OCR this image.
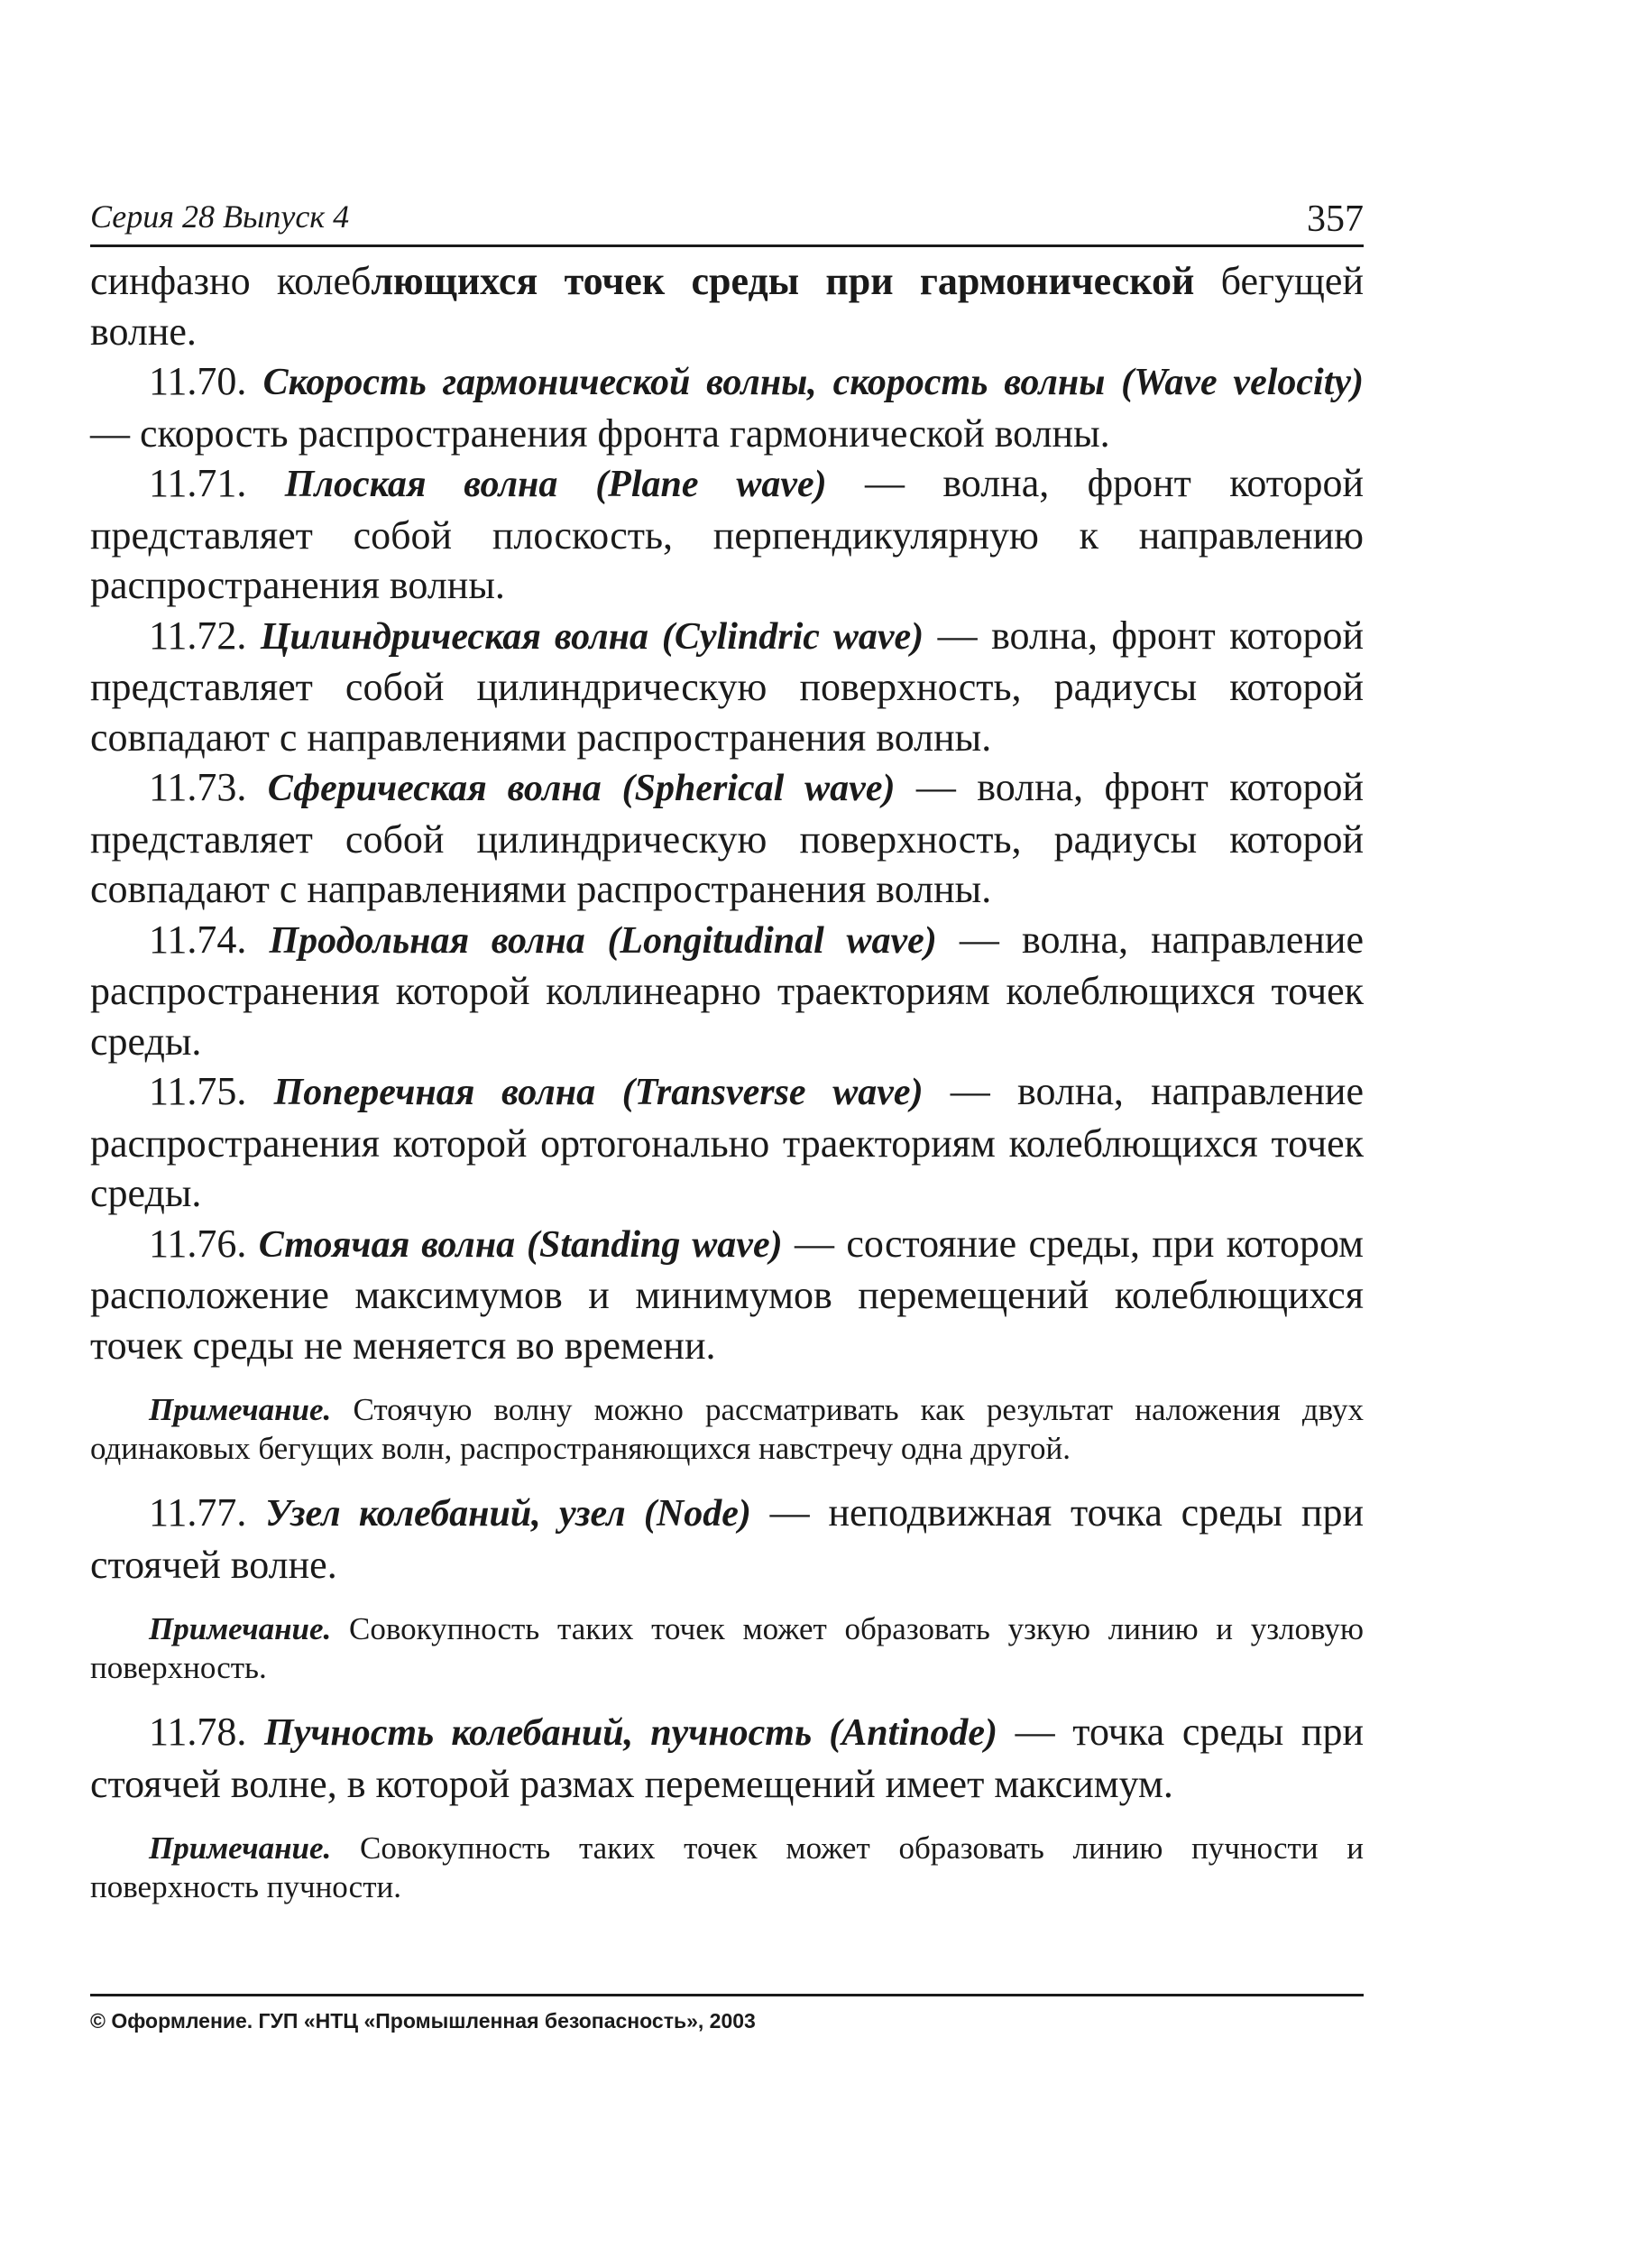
Серия 28 Выпуск 4	357

синфазно колеблющихся точек среды при гармонической бегущей волне.

11.70. Скорость гармонической волны, скорость волны (Wave velocity) — скорость распространения фронта гармонической волны.

11.71. Плоская волна (Plane wave) — волна, фронт которой представляет собой плоскость, перпендикулярную к направлению распространения волны.

11.72. Цилиндрическая волна (Cylindric wave) — волна, фронт которой представляет собой цилиндрическую поверхность, радиусы которой совпадают с направлениями распространения волны.

11.73. Сферическая волна (Spherical wave) — волна, фронт которой представляет собой цилиндрическую поверхность, радиусы которой совпадают с направлениями распространения волны.

11.74. Продольная волна (Longitudinal wave) — волна, направление распространения которой коллинеарно траекториям колеблющихся точек среды.

11.75. Поперечная волна (Transverse wave) — волна, направление распространения которой ортогонально траекториям колеблющихся точек среды.

11.76. Стоячая волна (Standing wave) — состояние среды, при котором расположение максимумов и минимумов перемещений колеблющихся точек среды не меняется во времени.

Примечание. Стоячую волну можно рассматривать как результат наложения двух одинаковых бегущих волн, распространяющихся навстречу одна другой.

11.77. Узел колебаний, узел (Node) — неподвижная точка среды при стоячей волне.

Примечание. Совокупность таких точек может образовать узкую линию и узловую поверхность.

11.78. Пучность колебаний, пучность (Antinode) — точка среды при стоячей волне, в которой размах перемещений имеет максимум.

Примечание. Совокупность таких точек может образовать линию пучности и поверхность пучности.

© Оформление. ГУП «НТЦ «Промышленная безопасность», 2003
